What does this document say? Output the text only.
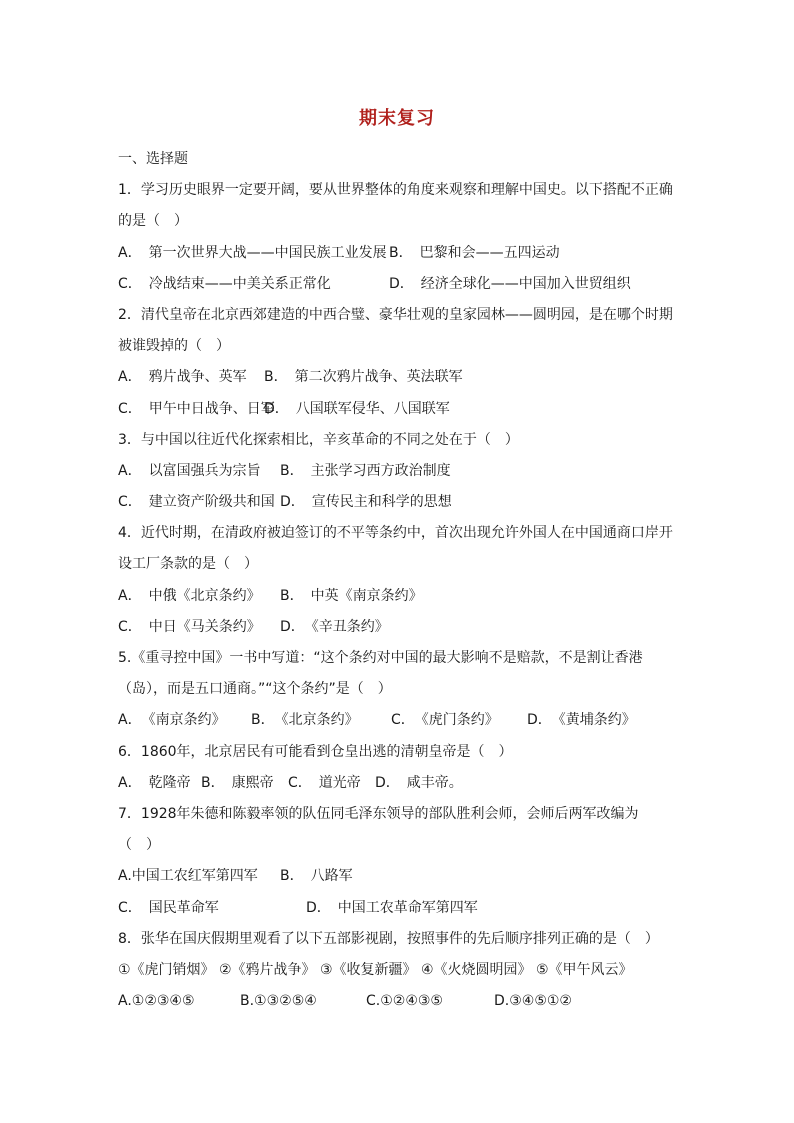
期末复习
一、选择题
1．学习历史眼界一定要开阔，要从世界整体的角度来观察和理解中国史。以下搭配不正确
的是（　）
A．　第一次世界大战——中国民族工业发展 B．　巴黎和会——五四运动
C．　冷战结束——中美关系正常化	D．　经济全球化——中国加入世贸组织
2．清代皇帝在北京西郊建造的中西合璧、豪华壮观的皇家园林——圆明园，是在哪个时期
被谁毁掉的（　）
A．　鸦片战争、英军 B．　第二次鸦片战争、英法联军
C．　甲午中日战争、日军D．　八国联军侵华、八国联军
3．与中国以往近代化探索相比，辛亥革命的不同之处在于（　）
A．　以富国强兵为宗旨 B．　主张学习西方政治制度
C．　建立资产阶级共和国 D．　宣传民主和科学的思想
4．近代时期，在清政府被迫签订的不平等条约中，首次出现允许外国人在中国通商口岸开
设工厂条款的是（　）
A．　中俄《北京条约》 B．　中英《南京条约》
C．　中日《马关条约》 D．　《辛丑条约》
5.《重寻控中国》一书中写道：“这个条约对中国的最大影响不是赔款，不是割让香港
（岛），而是五口通商。”“这个条约”是（　）
A．　《南京条约》 B．　《北京条约》 C．　《虎门条约》 D．　《黄埔条约》
6．1860年，北京居民有可能看到仓皇出逃的清朝皇帝是（　）
A．　乾隆帝 B．　康熙帝 C．　道光帝 D．　咸丰帝。
7．1928年朱德和陈毅率领的队伍同毛泽东领导的部队胜利会师，会师后两军改编为
（　）
A.中国工农红军第四军 B．　八路军
C．　国民革命军	D．　中国工农革命军第四军
8．张华在国庆假期里观看了以下五部影视剧，按照事件的先后顺序排列正确的是（　）
①《虎门销烟》 ②《鸦片战争》 ③《收复新疆》 ④《火烧圆明园》 ⑤《甲午风云》
A.①②③④⑤	B.①③②⑤④	C.①②④③⑤	D.③④⑤①②
